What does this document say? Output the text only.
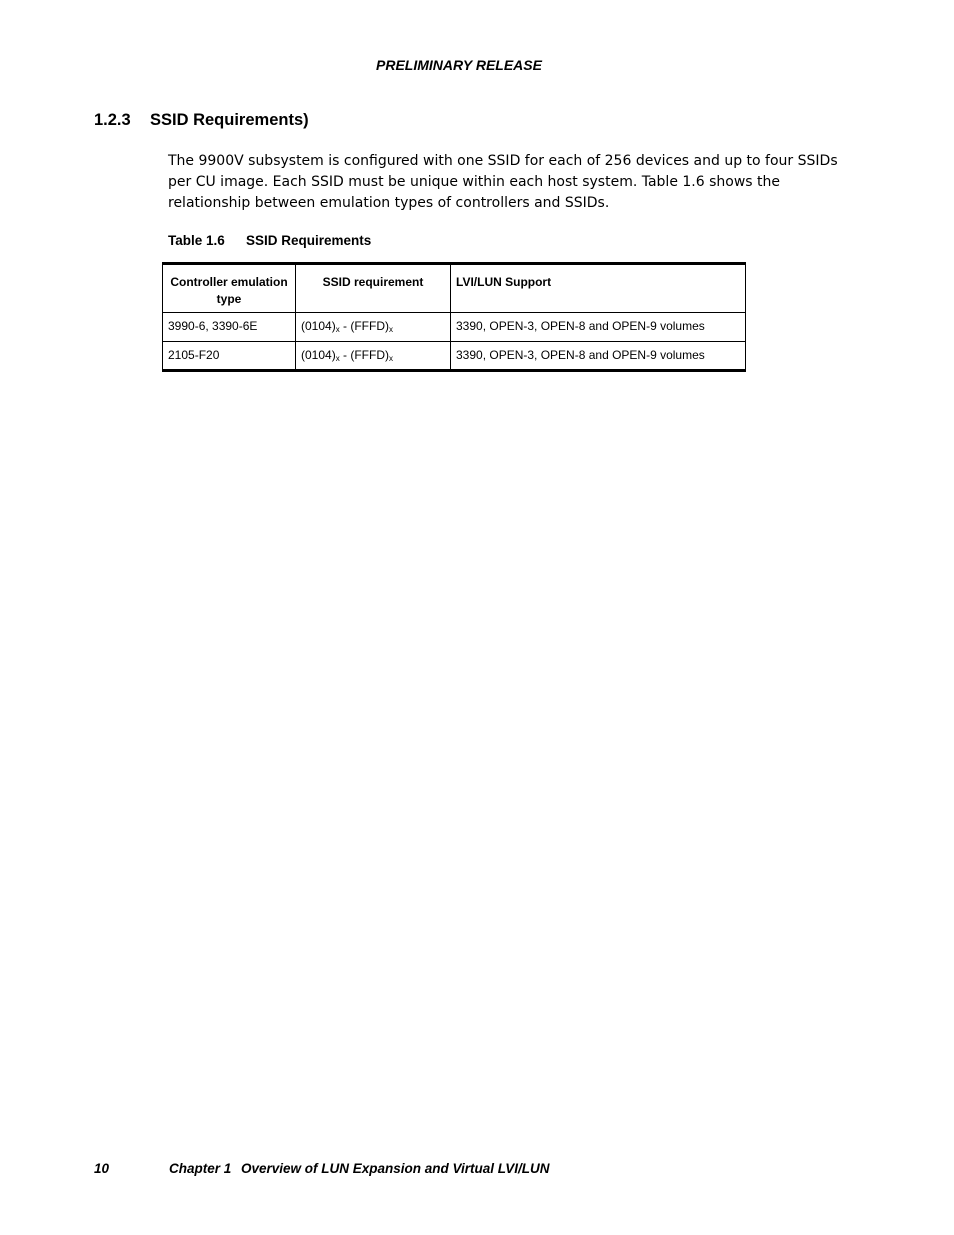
PRELIMINARY RELEASE
1.2.3 SSID Requirements)
The 9900V subsystem is configured with one SSID for each of 256 devices and up to four SSIDs per CU image. Each SSID must be unique within each host system. Table 1.6 shows the relationship between emulation types of controllers and SSIDs.
Table 1.6 SSID Requirements
Controller emulation type	SSID requirement	LVI/LUN Support
3990-6, 3390-6E	$(0104)_x$ - $(FFFD)_x$	3390, OPEN-3, OPEN-8 and OPEN-9 volumes
2105-F20	$(0104)_x$ - $(FFFD)_x$	3390, OPEN-3, OPEN-8 and OPEN-9 volumes
10	Chapter 1 Overview of LUN Expansion and Virtual LVI/LUN
